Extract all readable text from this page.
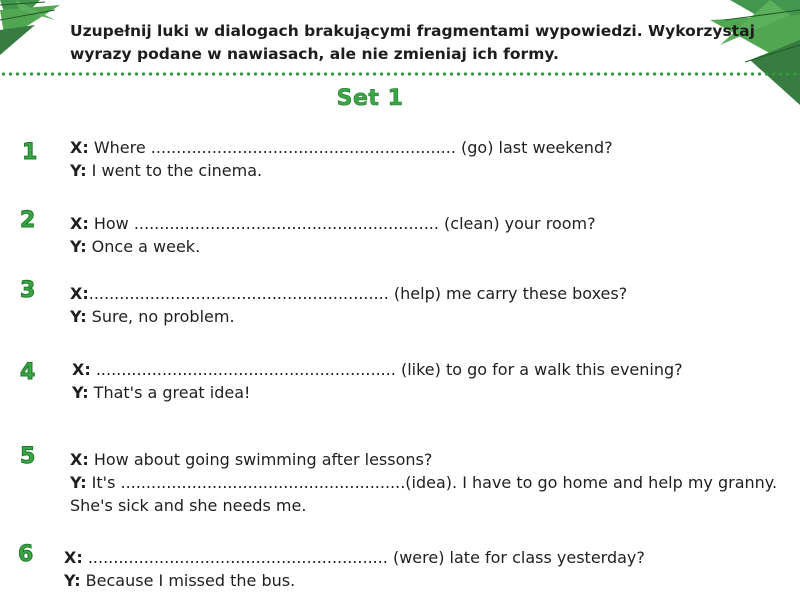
Uzupełnij luki w dialogach brakującymi fragmentami wypowiedzi. Wykorzystaj
wyrazy podane w nawiasach, ale nie zmieniaj ich formy.
Set 1
1 X: Where ............................................................ (go) last weekend?
Y: I went to the cinema.
2 X: How ............................................................ (clean) your room?
Y: Once a week.
3 X:........................................................... (help) me carry these boxes?
Y: Sure, no problem.
4 X: ........................................................... (like) to go for a walk this evening?
Y: That's a great idea!
5 X: How about going swimming after lessons?
Y: It's ........................................................(idea). I have to go home and help my granny.
She's sick and she needs me.
6 X: ........................................................... (were) late for class yesterday?
Y: Because I missed the bus.
